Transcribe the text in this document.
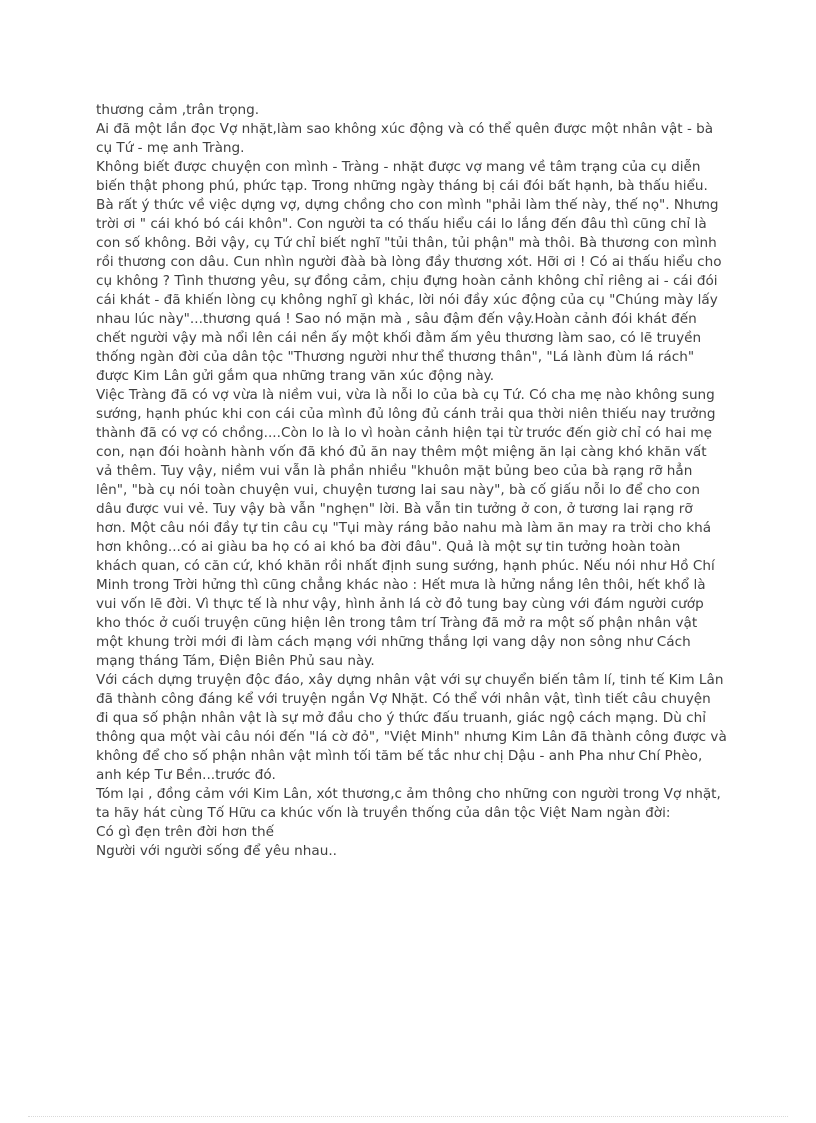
thương cảm ,trân trọng.

Ai đã một lần đọc Vợ nhặt,làm sao không xúc động và có thể quên được một nhân vật - bà
cụ Tứ - mẹ anh Tràng.

Không biết được chuyện con mình - Tràng - nhặt được vợ mang về tâm trạng của cụ diễn
biến thật phong phú, phức tạp. Trong những ngày tháng bị cái đói bất hạnh, bà thấu hiểu.
Bà rất ý thức về việc dựng vợ, dựng chồng cho con mình "phải làm thế này, thế nọ". Nhưng
trời ơi " cái khó bó cái khôn". Con người ta có thấu hiểu cái lo lắng đến đâu thì cũng chỉ là
con số không. Bởi vậy, cụ Tứ chỉ biết nghĩ "tủi thân, tủi phận" mà thôi. Bà thương con mình
rồi thương con dâu. Cun nhìn người đàà bà lòng đầy thương xót. Hỡi ơi ! Có ai thấu hiểu cho
cụ không ? Tình thương yêu, sự đồng cảm, chịu đựng hoàn cảnh không chỉ riêng ai - cái đói
cái khát - đã khiến lòng cụ không nghĩ gì khác, lời nói đầy xúc động của cụ "Chúng mày lấy
nhau lúc này"...thương quá ! Sao nó mặn mà , sâu đậm đến vậy.Hoàn cảnh đói khát đến
chết người vậy mà nổi lên cái nền ấy một khối đằm ấm yêu thương làm sao, có lẽ truyền
thống ngàn đời của dân tộc "Thương người như thể thương thân", "Lá lành đùm lá rách"
được Kim Lân gửi gắm qua những trang văn xúc động này.

Việc Tràng đã có vợ vừa là niềm vui, vừa là nỗi lo của bà cụ Tứ. Có cha mẹ nào không sung
sướng, hạnh phúc khi con cái của mình đủ lông đủ cánh trải qua thời niên thiếu nay trưởng
thành đã có vợ có chồng....Còn lo là lo vì hoàn cảnh hiện tại từ trước đến giờ chỉ có hai mẹ
con, nạn đói hoành hành vốn đã khó đủ ăn nay thêm một miệng ăn lại càng khó khăn vất
vả thêm. Tuy vậy, niềm vui vẫn là phần nhiều "khuôn mặt bủng beo của bà rạng rỡ hẳn
lên", "bà cụ nói toàn chuyện vui, chuyện tương lai sau này", bà cố giấu nỗi lo để cho con
dâu được vui vẻ. Tuy vậy bà vẫn "nghẹn" lời. Bà vẫn tin tưởng ở con, ở tương lai rạng rỡ
hơn. Một câu nói đầy tự tin câu cụ "Tụi mày ráng bảo nahu mà làm ăn may ra trời cho khá
hơn không...có ai giàu ba họ có ai khó ba đời đâu". Quả là một sự tin tưởng hoàn toàn
khách quan, có căn cứ, khó khăn rồi nhất định sung sướng, hạnh phúc. Nếu nói như Hồ Chí
Minh trong Trời hửng thì cũng chẳng khác nào : Hết mưa là hửng nắng lên thôi, hết khổ là
vui vốn lẽ đời. Vì thực tế là như vậy, hình ảnh lá cờ đỏ tung bay cùng với đám người cướp
kho thóc ở cuối truyện cũng hiện lên trong tâm trí Tràng đã mở ra một số phận nhân vật
một khung trời mới đi làm cách mạng với những thắng lợi vang dậy non sông như Cách
mạng tháng Tám, Điện Biên Phủ sau này.

Với cách dựng truyện độc đáo, xây dựng nhân vật với sự chuyển biến tâm lí, tinh tế Kim Lân
đã thành công đáng kể với truyện ngắn Vợ Nhặt. Có thể với nhân vật, tình tiết câu chuyện
đi qua số phận nhân vật là sự mở đầu cho ý thức đấu truanh, giác ngộ cách mạng. Dù chỉ
thông qua một vài câu nói đến "lá cờ đỏ", "Việt Minh" nhưng Kim Lân đã thành công được và
không để cho số phận nhân vật mình tối tăm bế tắc như chị Dậu - anh Pha như Chí Phèo,
anh kép Tư Bền...trước đó.

Tóm lại , đồng cảm với Kim Lân, xót thương,c ảm thông cho những con người trong Vợ nhặt,
ta hãy hát cùng Tố Hữu ca khúc vốn là truyền thống của dân tộc Việt Nam ngàn đời:

Có gì đẹn trên đời hơn thế

Người với người sống để yêu nhau..
